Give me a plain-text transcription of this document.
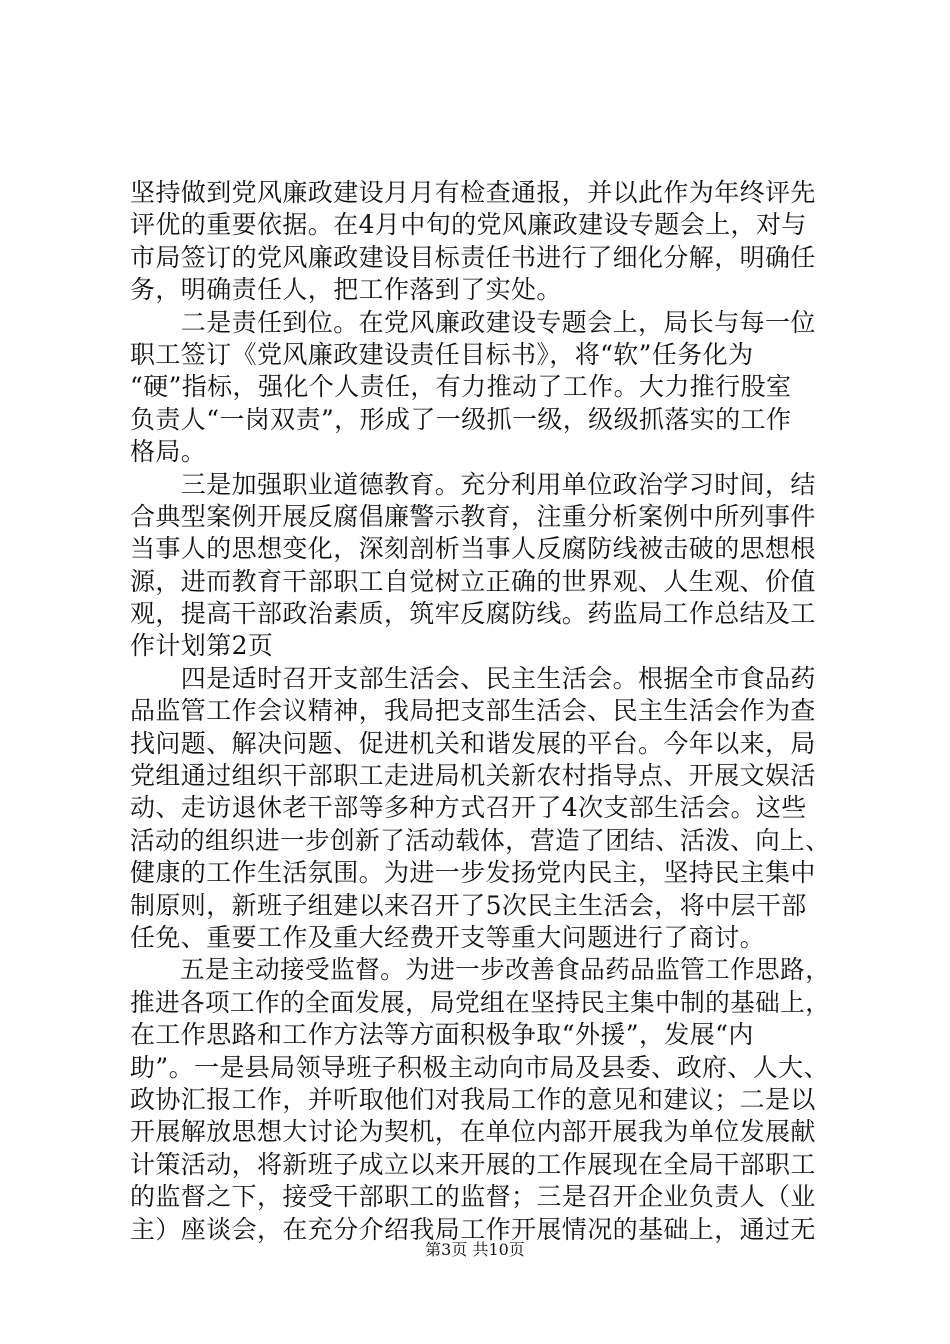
坚持做到党风廉政建设月月有检查通报，并以此作为年终评先
评优的重要依据。在4月中旬的党风廉政建设专题会上，对与
市局签订的党风廉政建设目标责任书进行了细化分解，明确任
务，明确责任人，把工作落到了实处。
　　二是责任到位。在党风廉政建设专题会上，局长与每一位
职工签订《党风廉政建设责任目标书》，将“软”任务化为
“硬”指标，强化个人责任，有力推动了工作。大力推行股室
负责人“一岗双责”，形成了一级抓一级，级级抓落实的工作
格局。
　　三是加强职业道德教育。充分利用单位政治学习时间，结
合典型案例开展反腐倡廉警示教育，注重分析案例中所列事件
当事人的思想变化，深刻剖析当事人反腐防线被击破的思想根
源，进而教育干部职工自觉树立正确的世界观、人生观、价值
观，提高干部政治素质，筑牢反腐防线。药监局工作总结及工
作计划第2页
　　四是适时召开支部生活会、民主生活会。根据全市食品药
品监管工作会议精神，我局把支部生活会、民主生活会作为查
找问题、解决问题、促进机关和谐发展的平台。今年以来，局
党组通过组织干部职工走进局机关新农村指导点、开展文娱活
动、走访退休老干部等多种方式召开了4次支部生活会。这些
活动的组织进一步创新了活动载体，营造了团结、活泼、向上、
健康的工作生活氛围。为进一步发扬党内民主，坚持民主集中
制原则，新班子组建以来召开了5次民主生活会，将中层干部
任免、重要工作及重大经费开支等重大问题进行了商讨。
　　五是主动接受监督。为进一步改善食品药品监管工作思路，
推进各项工作的全面发展，局党组在坚持民主集中制的基础上，
在工作思路和工作方法等方面积极争取“外援”，发展“内
助”。一是县局领导班子积极主动向市局及县委、政府、人大、
政协汇报工作，并听取他们对我局工作的意见和建议；二是以
开展解放思想大讨论为契机，在单位内部开展我为单位发展献
计策活动，将新班子成立以来开展的工作展现在全局干部职工
的监督之下，接受干部职工的监督；三是召开企业负责人（业
主）座谈会，在充分介绍我局工作开展情况的基础上，通过无
第3页 共10页
